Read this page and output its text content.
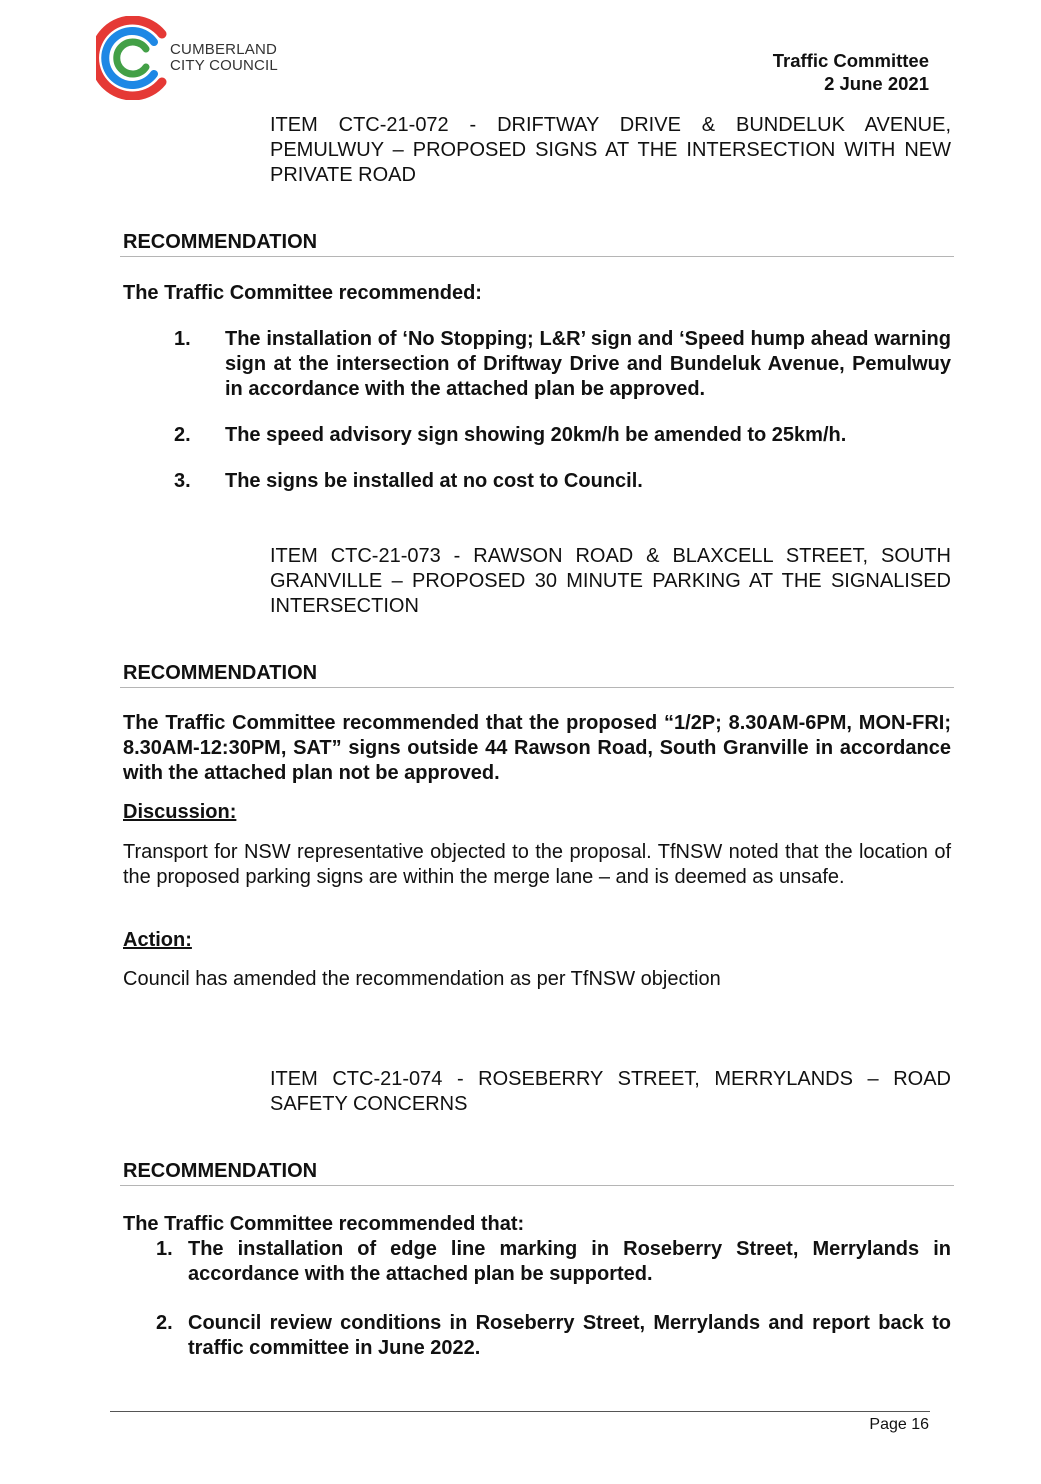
CUMBERLAND
CITY COUNCIL	Traffic Committee
2 June 2021
ITEM CTC-21-072 - DRIFTWAY DRIVE & BUNDELUK AVENUE, PEMULWUY – PROPOSED SIGNS AT THE INTERSECTION WITH NEW PRIVATE ROAD
RECOMMENDATION
The Traffic Committee recommended:
1. The installation of ‘No Stopping; L&R’ sign and ‘Speed hump ahead warning sign at the intersection of Driftway Drive and Bundeluk Avenue, Pemulwuy in accordance with the attached plan be approved.
2. The speed advisory sign showing 20km/h be amended to 25km/h.
3. The signs be installed at no cost to Council.
ITEM CTC-21-073 - RAWSON ROAD & BLAXCELL STREET, SOUTH GRANVILLE – PROPOSED 30 MINUTE PARKING AT THE SIGNALISED INTERSECTION
RECOMMENDATION
The Traffic Committee recommended that the proposed “1/2P; 8.30AM-6PM, MON-FRI; 8.30AM-12:30PM, SAT” signs outside 44 Rawson Road, South Granville in accordance with the attached plan not be approved.
Discussion:
Transport for NSW representative objected to the proposal. TfNSW noted that the location of the proposed parking signs are within the merge lane – and is deemed as unsafe.
Action:
Council has amended the recommendation as per TfNSW objection
ITEM CTC-21-074 - ROSEBERRY STREET, MERRYLANDS – ROAD SAFETY CONCERNS
RECOMMENDATION
The Traffic Committee recommended that:
1. The installation of edge line marking in Roseberry Street, Merrylands in accordance with the attached plan be supported.
2. Council review conditions in Roseberry Street, Merrylands and report back to traffic committee in June 2022.
Page 16
